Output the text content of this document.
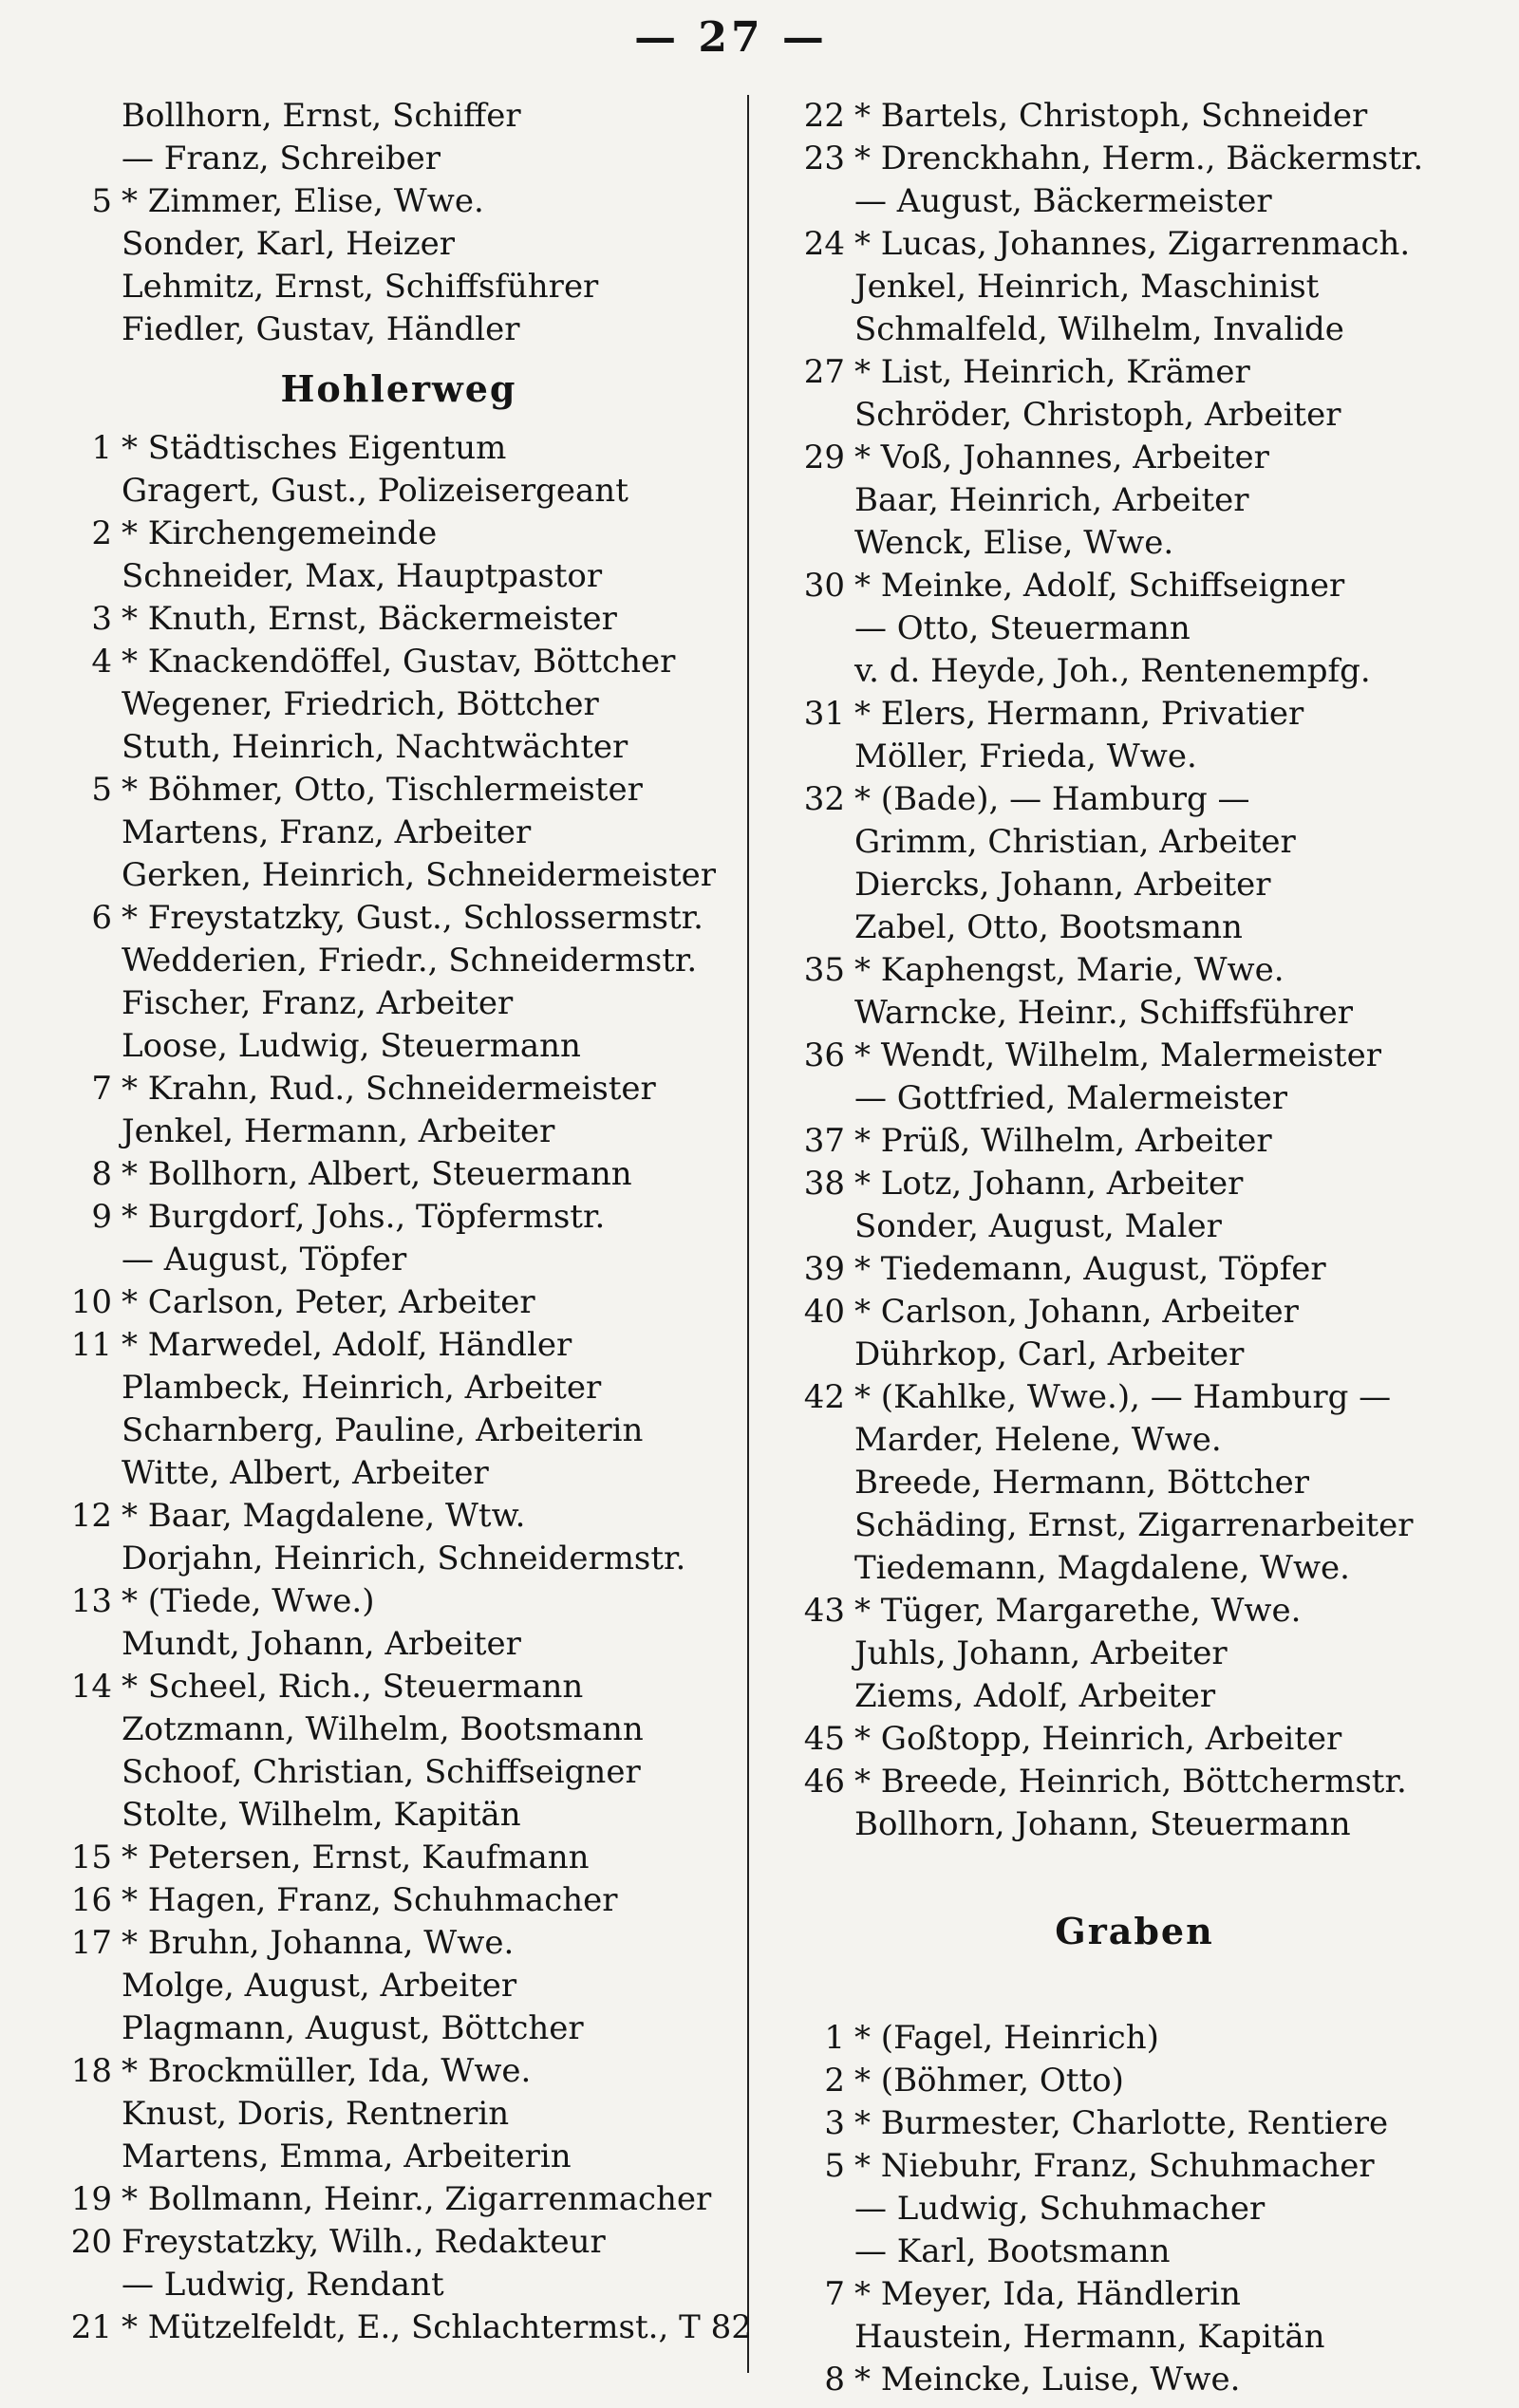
— 27 —
Bollhorn, Ernst, Schiffer
— Franz, Schreiber
5 * Zimmer, Elise, Wwe.
Sonder, Karl, Heizer
Lehmitz, Ernst, Schiffsführer
Fiedler, Gustav, Händler
Hohlerweg
1 * Städtisches Eigentum
Gragert, Gust., Polizeisergeant
2 * Kirchengemeinde
Schneider, Max, Hauptpastor
3 * Knuth, Ernst, Bäckermeister
4 * Knackendöffel, Gustav, Böttcher
Wegener, Friedrich, Böttcher
Stuth, Heinrich, Nachtwächter
5 * Böhmer, Otto, Tischlermeister
Martens, Franz, Arbeiter
Gerken, Heinrich, Schneidermeister
6 * Freystatzky, Gust., Schlossermstr.
Wedderien, Friedr., Schneidermstr.
Fischer, Franz, Arbeiter
Loose, Ludwig, Steuermann
7 * Krahn, Rud., Schneidermeister
Jenkel, Hermann, Arbeiter
8 * Bollhorn, Albert, Steuermann
9 * Burgdorf, Johs., Töpfermstr.
— August, Töpfer
10 * Carlson, Peter, Arbeiter
11 * Marwedel, Adolf, Händler
Plambeck, Heinrich, Arbeiter
Scharnberg, Pauline, Arbeiterin
Witte, Albert, Arbeiter
12 * Baar, Magdalene, Wtw.
Dorjahn, Heinrich, Schneidermstr.
13 * (Tiede, Wwe.)
Mundt, Johann, Arbeiter
14 * Scheel, Rich., Steuermann
Zotzmann, Wilhelm, Bootsmann
Schoof, Christian, Schiffseigner
Stolte, Wilhelm, Kapitän
15 * Petersen, Ernst, Kaufmann
16 * Hagen, Franz, Schuhmacher
17 * Bruhn, Johanna, Wwe.
Molge, August, Arbeiter
Plagmann, August, Böttcher
18 * Brockmüller, Ida, Wwe.
Knust, Doris, Rentnerin
Martens, Emma, Arbeiterin
19 * Bollmann, Heinr., Zigarrenmacher
20 Freystatzky, Wilh., Redakteur
— Ludwig, Rendant
21 * Mützelfeldt, E., Schlachtermst., T 82
22 * Bartels, Christoph, Schneider
23 * Drenckhahn, Herm., Bäckermstr.
— August, Bäckermeister
24 * Lucas, Johannes, Zigarrenmach.
Jenkel, Heinrich, Maschinist
Schmalfeld, Wilhelm, Invalide
27 * List, Heinrich, Krämer
Schröder, Christoph, Arbeiter
29 * Voß, Johannes, Arbeiter
Baar, Heinrich, Arbeiter
Wenck, Elise, Wwe.
30 * Meinke, Adolf, Schiffseigner
— Otto, Steuermann
v. d. Heyde, Joh., Rentenempfg.
31 * Elers, Hermann, Privatier
Möller, Frieda, Wwe.
32 * (Bade), — Hamburg —
Grimm, Christian, Arbeiter
Diercks, Johann, Arbeiter
Zabel, Otto, Bootsmann
35 * Kaphengst, Marie, Wwe.
Warncke, Heinr., Schiffsführer
36 * Wendt, Wilhelm, Malermeister
— Gottfried, Malermeister
37 * Prüß, Wilhelm, Arbeiter
38 * Lotz, Johann, Arbeiter
Sonder, August, Maler
39 * Tiedemann, August, Töpfer
40 * Carlson, Johann, Arbeiter
Dührkop, Carl, Arbeiter
42 * (Kahlke, Wwe.), — Hamburg —
Marder, Helene, Wwe.
Breede, Hermann, Böttcher
Schäding, Ernst, Zigarrenarbeiter
Tiedemann, Magdalene, Wwe.
43 * Tüger, Margarethe, Wwe.
Juhls, Johann, Arbeiter
Ziems, Adolf, Arbeiter
45 * Goßtopp, Heinrich, Arbeiter
46 * Breede, Heinrich, Böttchermstr.
Bollhorn, Johann, Steuermann
Graben
1 * (Fagel, Heinrich)
2 * (Böhmer, Otto)
3 * Burmester, Charlotte, Rentiere
5 * Niebuhr, Franz, Schuhmacher
— Ludwig, Schuhmacher
— Karl, Bootsmann
7 * Meyer, Ida, Händlerin
Haustein, Hermann, Kapitän
8 * Meincke, Luise, Wwe.
